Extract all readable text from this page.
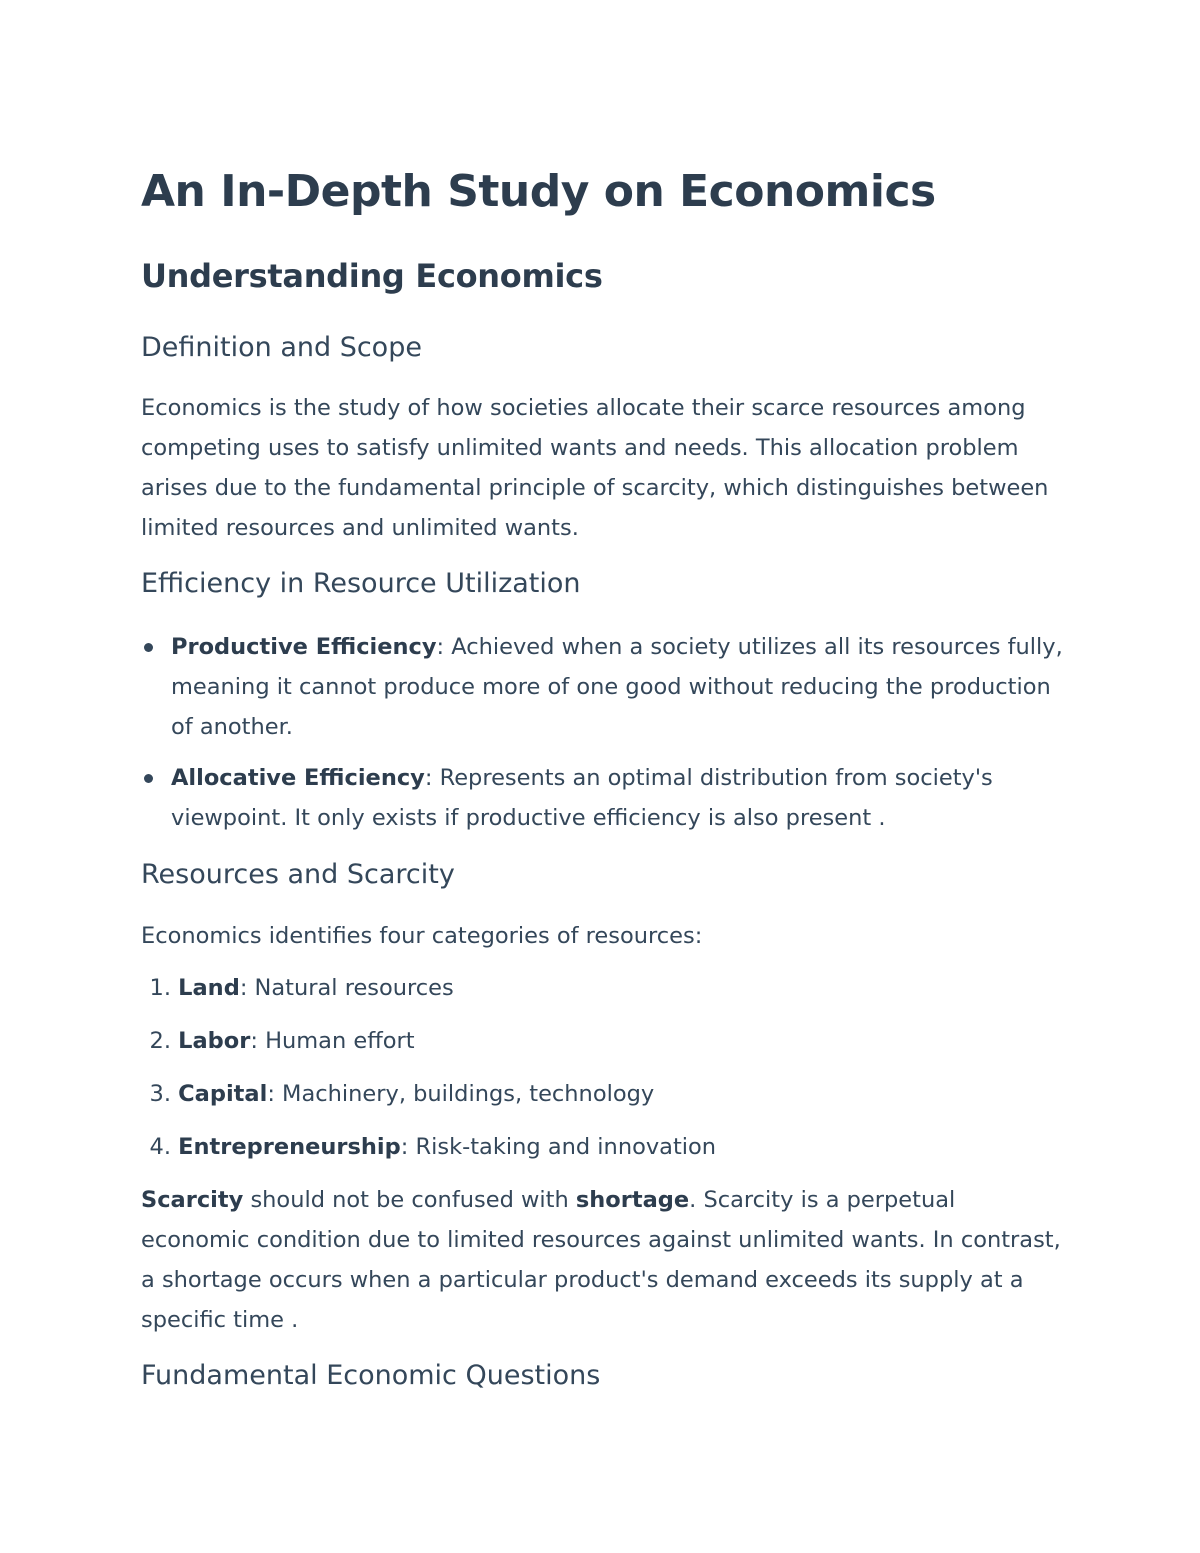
An In-Depth Study on Economics
Understanding Economics
Definition and Scope

Economics is the study of how societies allocate their scarce resources among competing uses to satisfy unlimited wants and needs. This allocation problem arises due to the fundamental principle of scarcity, which distinguishes between limited resources and unlimited wants.

Efficiency in Resource Utilization
Productive Efficiency: Achieved when a society utilizes all its resources fully, meaning it cannot produce more of one good without reducing the production of another.
Allocative Efficiency: Represents an optimal distribution from society's viewpoint. It only exists if productive efficiency is also present .
Resources and Scarcity

Economics identifies four categories of resources:

1. Land: Natural resources
2. Labor: Human effort
3. Capital: Machinery, buildings, technology
4. Entrepreneurship: Risk-taking and innovation

Scarcity should not be confused with shortage. Scarcity is a perpetual economic condition due to limited resources against unlimited wants. In contrast, a shortage occurs when a particular product's demand exceeds its supply at a specific time .

Fundamental Economic Questions
